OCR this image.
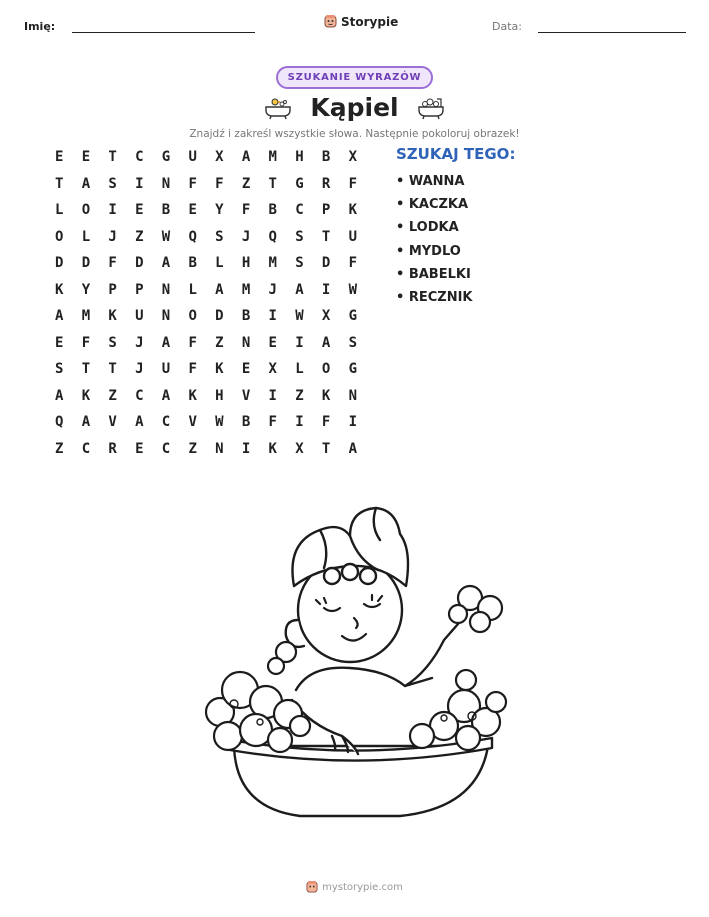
Imię:	Storypie	Data:
SZUKANIE WYRAZÓW
Kąpiel
Znajdź i zakreśl wszystkie słowa. Następnie pokoloruj obrazek!
E	E	T	C	G	U	X	A	M	H	B	X
T	A	S	I	N	F	F	Z	T	G	R	F
L	O	I	E	B	E	Y	F	B	C	P	K
O	L	J	Z	W	Q	S	J	Q	S	T	U
D	D	F	D	A	B	L	H	M	S	D	F
K	Y	P	P	N	L	A	M	J	A	I	W
A	M	K	U	N	O	D	B	I	W	X	G
E	F	S	J	A	F	Z	N	E	I	A	S
S	T	T	J	U	F	K	E	X	L	O	G
A	K	Z	C	A	K	H	V	I	Z	K	N
Q	A	V	A	C	V	W	B	F	I	F	I
Z	C	R	E	C	Z	N	I	K	X	T	A
SZUKAJ TEGO:
• WANNA
• KACZKA
• LODKA
• MYDLO
• BABELKI
• RECZNIK
mystorypie.com
